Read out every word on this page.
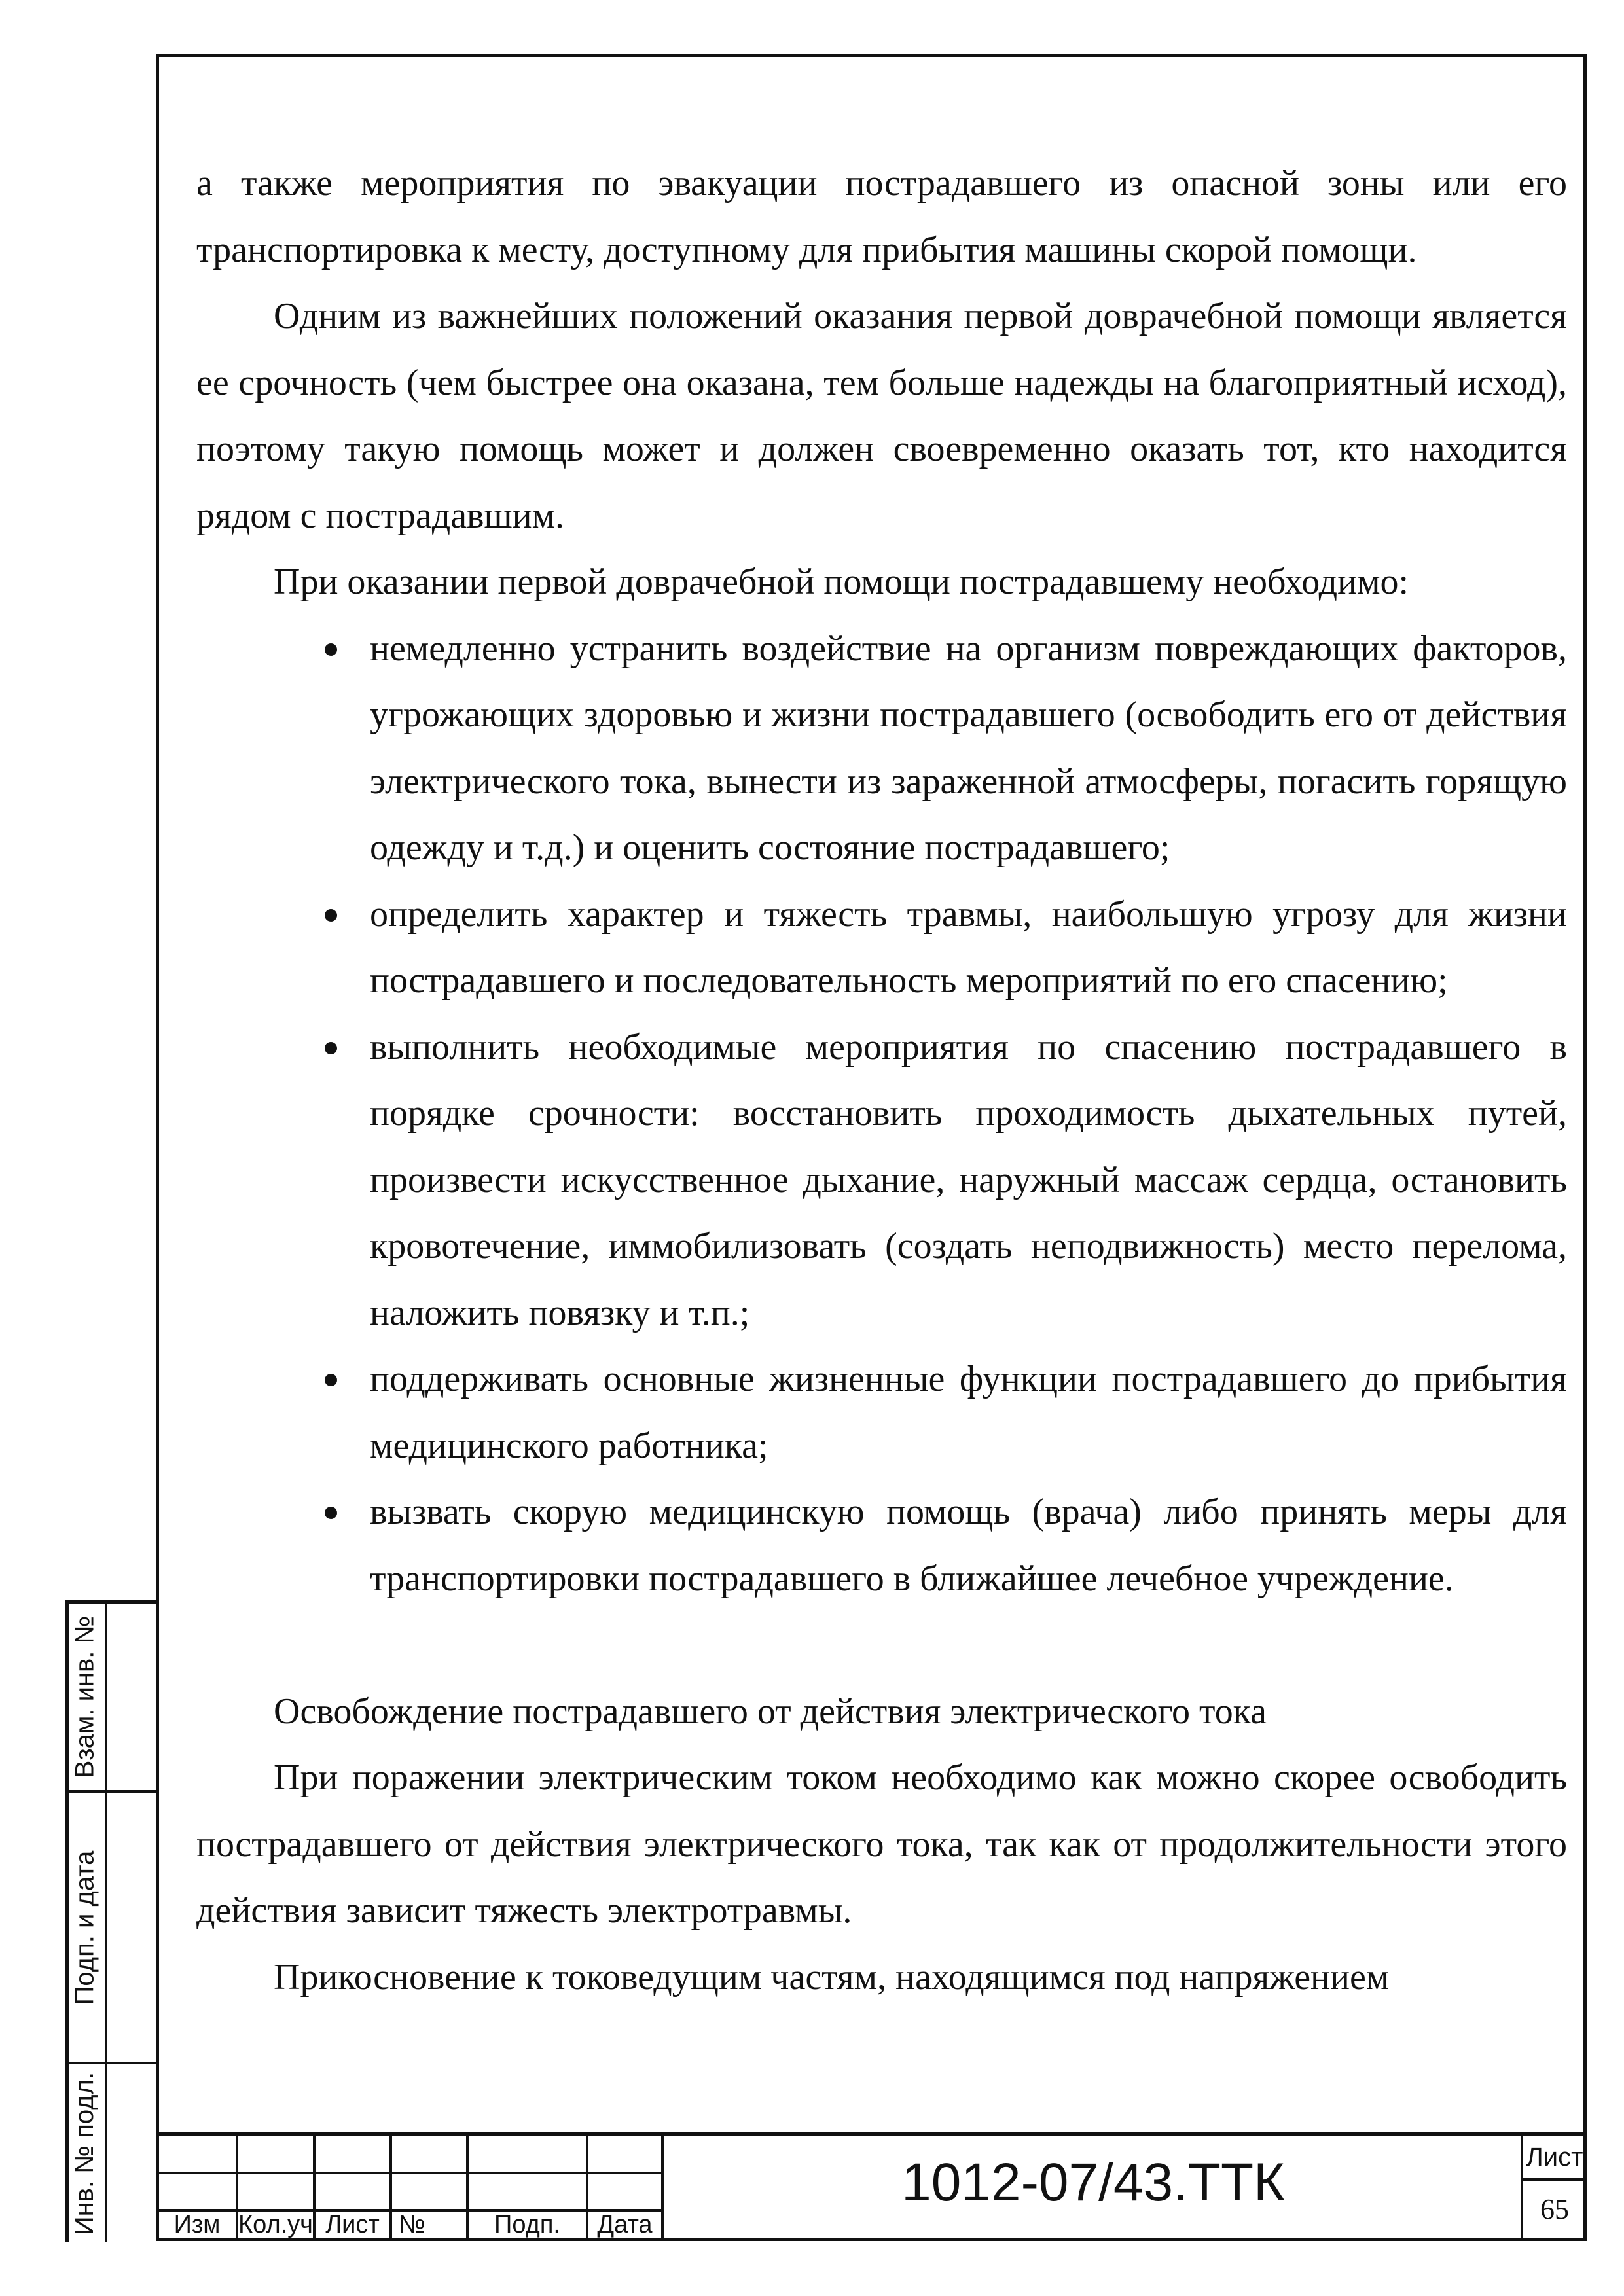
а также мероприятия по эвакуации пострадавшего из опасной зоны или его транспортировка к месту, доступному для прибытия машины скорой помощи.

Одним из важнейших положений оказания первой доврачебной помощи является ее срочность (чем быстрее она оказана, тем больше надежды на благоприятный исход), поэтому такую помощь может и должен своевременно оказать тот, кто находится рядом с пострадавшим.

При оказании первой доврачебной помощи пострадавшему необходимо:

немедленно устранить воздействие на организм повреждающих факторов, угрожающих здоровью и жизни пострадавшего (освободить его от действия электрического тока, вынести из зараженной атмосферы, погасить горящую одежду и т.д.) и оценить состояние пострадавшего;
определить характер и тяжесть травмы, наибольшую угрозу для жизни пострадавшего и последовательность мероприятий по его спасению;
выполнить необходимые мероприятия по спасению пострадавшего в порядке срочности: восстановить проходимость дыхательных путей, произвести искусственное дыхание, наружный массаж сердца, остановить кровотечение, иммобилизовать (создать неподвижность) место перелома, наложить повязку и т.п.;
поддерживать основные жизненные функции пострадавшего до прибытия медицинского работника;
вызвать скорую медицинскую помощь (врача) либо принять меры для транспортировки пострадавшего в ближайшее лечебное учреждение.

Освобождение пострадавшего от действия электрического тока

При поражении электрическим током необходимо как можно скорее освободить пострадавшего от действия электрического тока, так как от продолжительности этого действия зависит тяжесть электротравмы.

Прикосновение к токоведущим частям, находящимся под напряжением

Взам. инв. №
Подп. и дата
Инв. № подл.	Изм Кол.уч Лист №	Подп.	Дата
1012-07/43.ТТК	Лист
65
